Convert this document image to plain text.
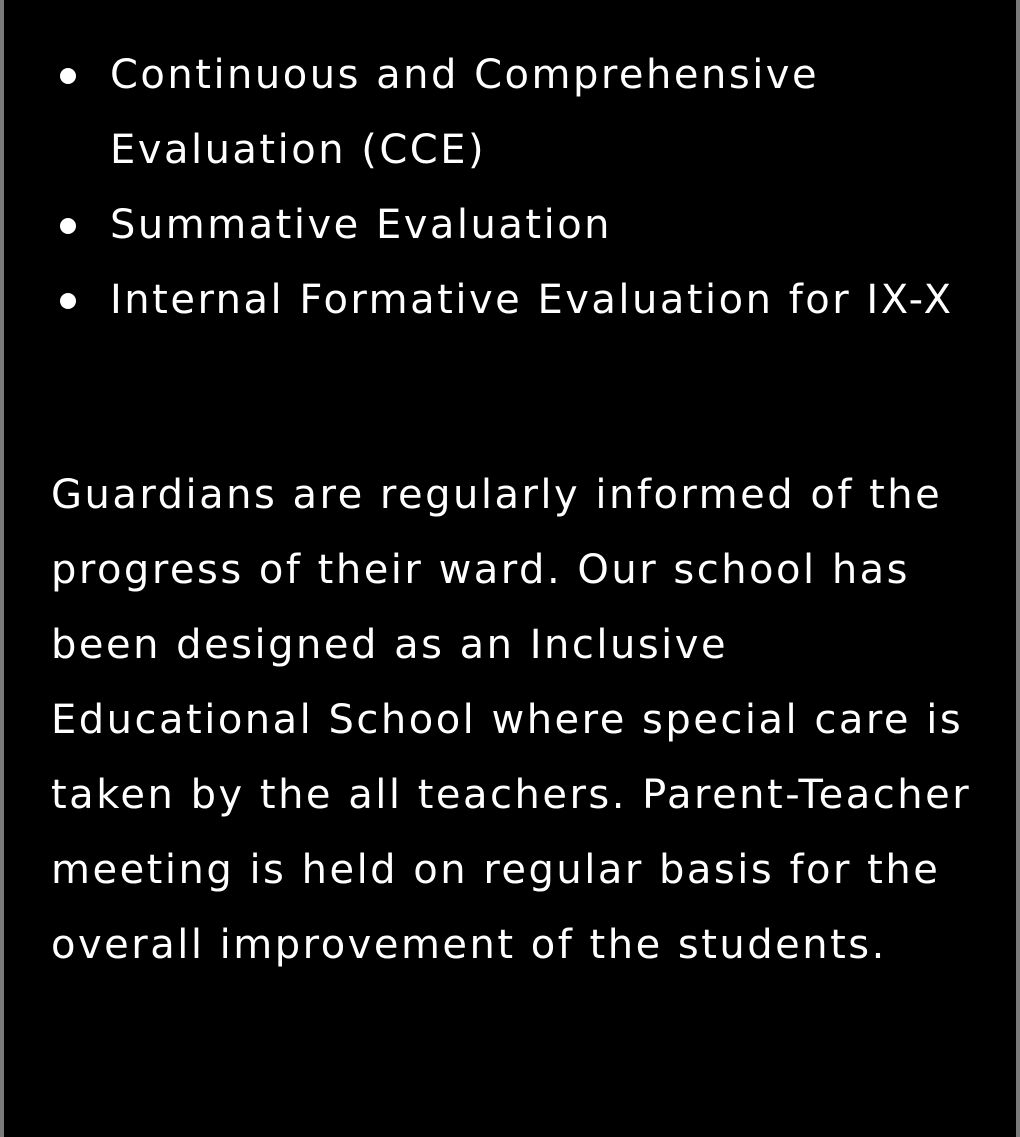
Continuous and Comprehensive Evaluation (CCE)
Summative Evaluation
Internal Formative Evaluation for IX-X

Guardians are regularly informed of the progress of their ward. Our school has been designed as an Inclusive Educational School where special care is taken by the all teachers. Parent-Teacher meeting is held on regular basis for the overall improvement of the students.
